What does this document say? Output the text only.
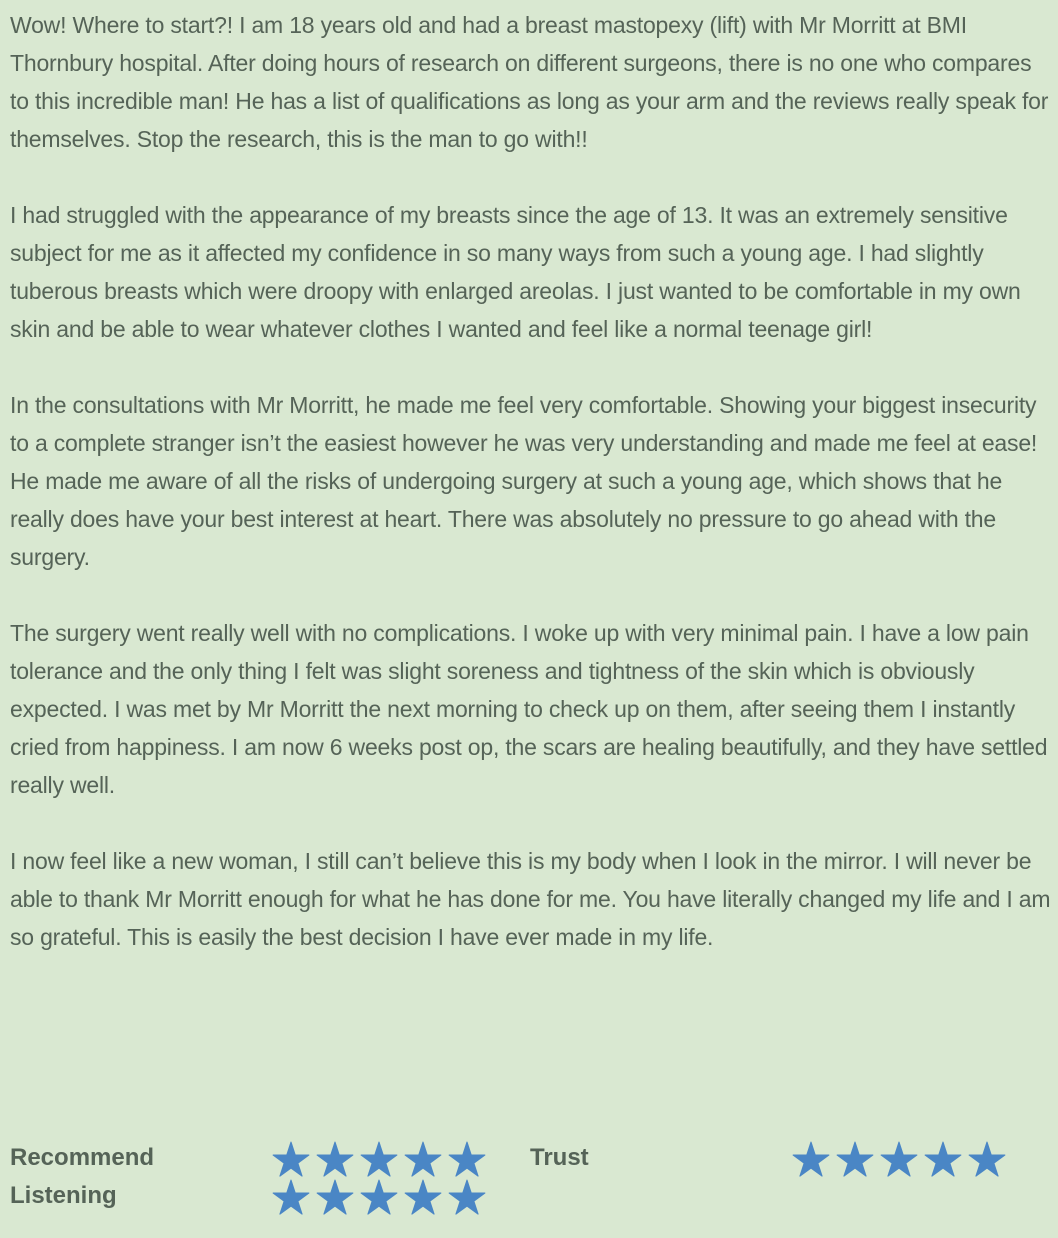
Wow! Where to start?! I am 18 years old and had a breast mastopexy (lift) with Mr Morritt at BMI Thornbury hospital. After doing hours of research on different surgeons, there is no one who compares to this incredible man! He has a list of qualifications as long as your arm and the reviews really speak for themselves. Stop the research, this is the man to go with!!

I had struggled with the appearance of my breasts since the age of 13. It was an extremely sensitive subject for me as it affected my confidence in so many ways from such a young age. I had slightly tuberous breasts which were droopy with enlarged areolas. I just wanted to be comfortable in my own skin and be able to wear whatever clothes I wanted and feel like a normal teenage girl!

In the consultations with Mr Morritt, he made me feel very comfortable. Showing your biggest insecurity to a complete stranger isn’t the easiest however he was very understanding and made me feel at ease! He made me aware of all the risks of undergoing surgery at such a young age, which shows that he really does have your best interest at heart. There was absolutely no pressure to go ahead with the surgery.

The surgery went really well with no complications. I woke up with very minimal pain. I have a low pain tolerance and the only thing I felt was slight soreness and tightness of the skin which is obviously expected. I was met by Mr Morritt the next morning to check up on them, after seeing them I instantly cried from happiness. I am now 6 weeks post op, the scars are healing beautifully, and they have settled really well.

I now feel like a new woman, I still can’t believe this is my body when I look in the mirror. I will never be able to thank Mr Morritt enough for what he has done for me. You have literally changed my life and I am so grateful. This is easily the best decision I have ever made in my life.

Recommend	Trust
Listening
